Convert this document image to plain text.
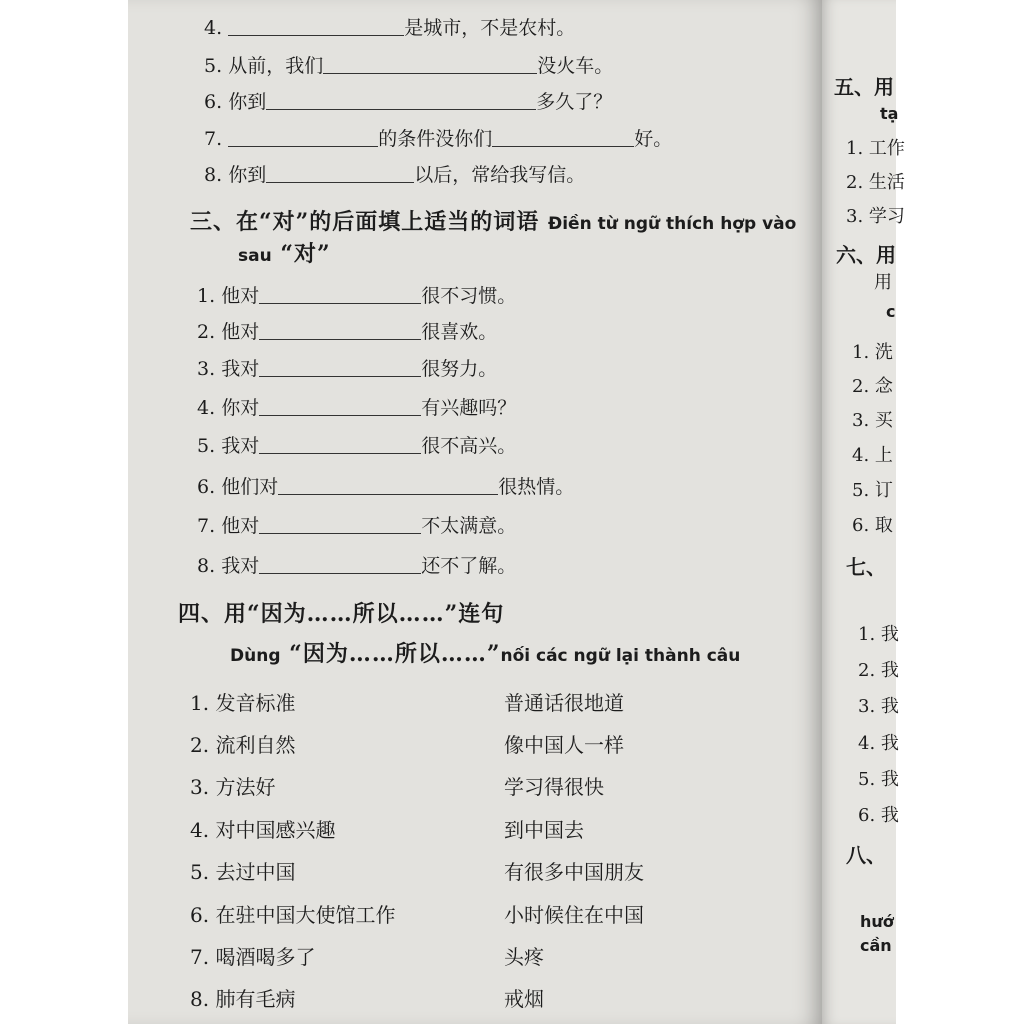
4.	是城市，不是农村。
5. 从前，我们	没火车。
6. 你到	多久了？
7.	的条件没你们	好。
8. 你到	以后，常给我写信。
三、在“对”的后面填上适当的词语 Điền từ ngữ thích hợp vào
sau “对”
1. 他对	很不习惯。
2. 他对	很喜欢。
3. 我对	很努力。
4. 你对	有兴趣吗？
5. 我对	很不高兴。
6. 他们对	很热情。
7. 他对	不太满意。
8. 我对	还不了解。
四、用“因为……所以……”连句
Dùng “因为……所以……”nối các ngữ lại thành câu
1. 发音标准	普通话很地道
2. 流利自然	像中国人一样
3. 方法好	学习得很快
4. 对中国感兴趣	到中国去
5. 去过中国	有很多中国朋友
6. 在驻中国大使馆工作	小时候住在中国
7. 喝酒喝多了	头疼
8. 肺有毛病	戒烟
五、用
tạ
1. 工作
2. 生活
3. 学习
六、用
用
c
1. 洗
2. 念
3. 买
4. 上
5. 订
6. 取
七、
1. 我
2. 我
3. 我
4. 我
5. 我
6. 我
八、
hướ
cần
